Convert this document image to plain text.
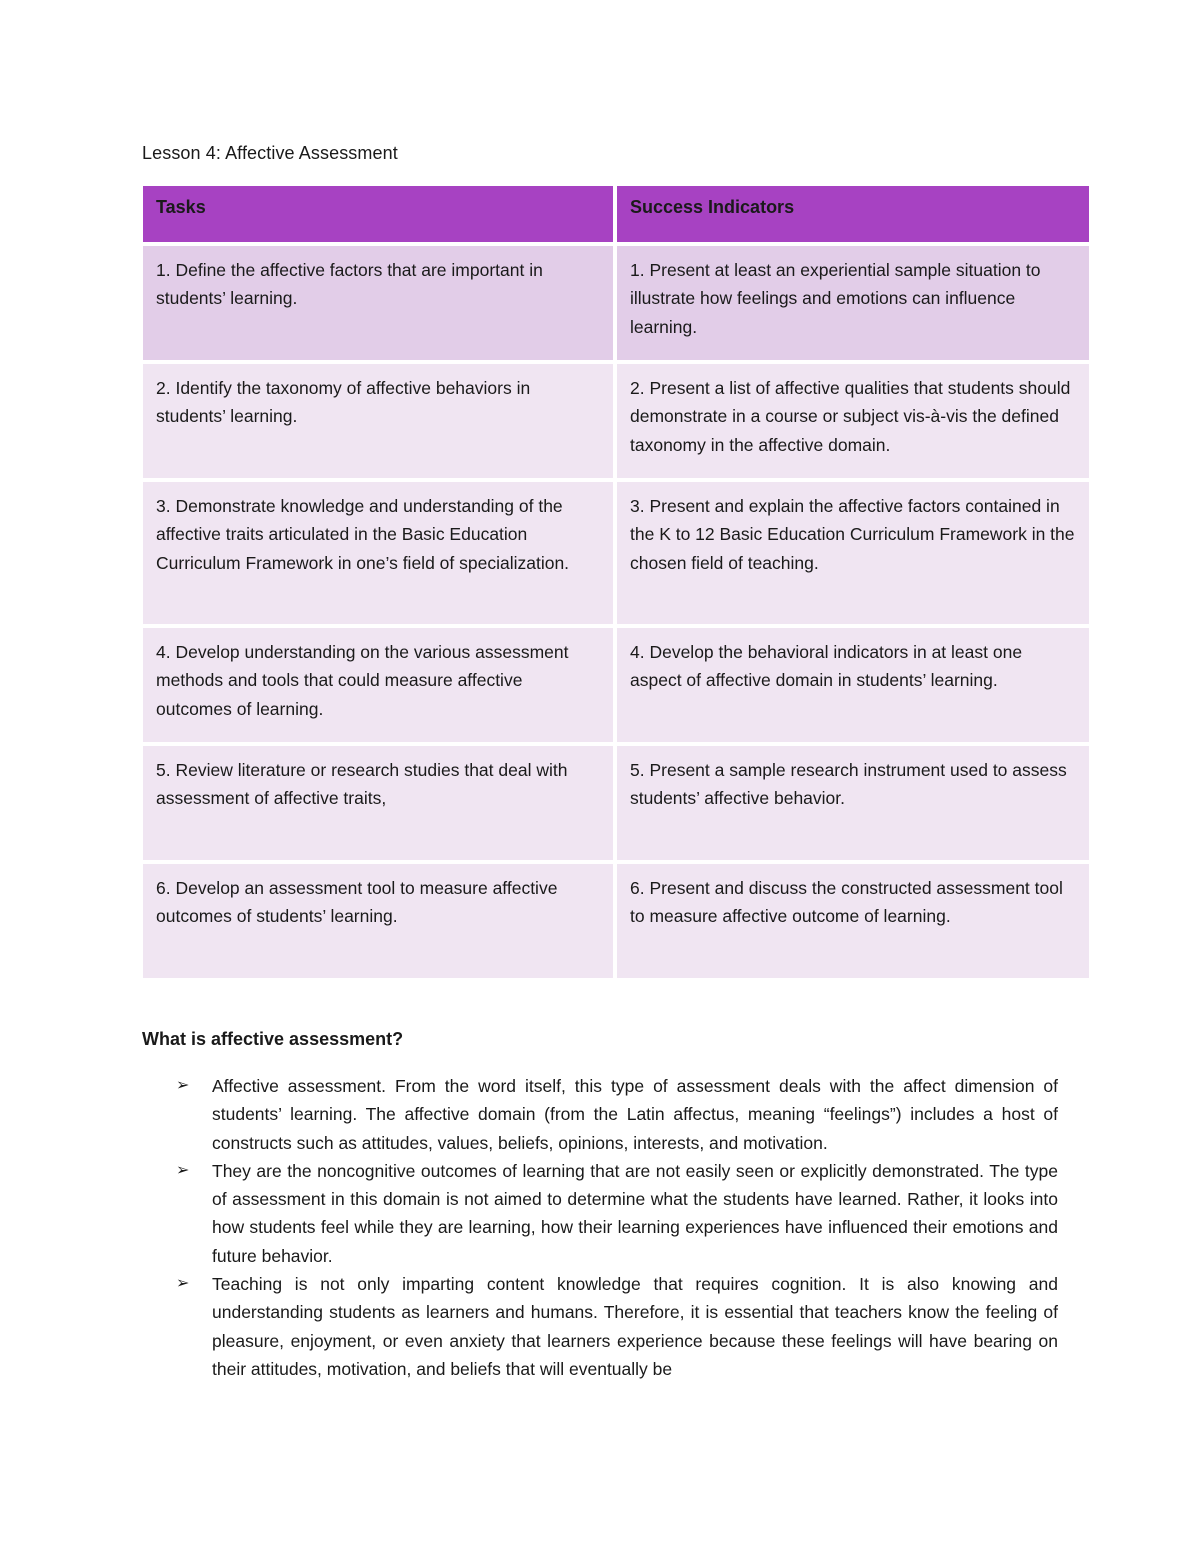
Lesson 4: Affective Assessment
Tasks	Success Indicators
1. Define the affective factors that are important in students’ learning.	1. Present at least an experiential sample situation to illustrate how feelings and emotions can influence learning.
2. Identify the taxonomy of affective behaviors in students’ learning.	2. Present a list of affective qualities that students should demonstrate in a course or subject vis-à-vis the defined taxonomy in the affective domain.
3. Demonstrate knowledge and understanding of the affective traits articulated in the Basic Education Curriculum Framework in one’s field of specialization.	3. Present and explain the affective factors contained in the K to 12 Basic Education Curriculum Framework in the chosen field of teaching.
4. Develop understanding on the various assessment methods and tools that could measure affective outcomes of learning.	4. Develop the behavioral indicators in at least one aspect of affective domain in students’ learning.
5. Review literature or research studies that deal with assessment of affective traits,	5. Present a sample research instrument used to assess students’ affective behavior.
6. Develop an assessment tool to measure affective outcomes of students’ learning.	6. Present and discuss the constructed assessment tool to measure affective outcome of learning.
What is affective assessment?
➢ Affective assessment. From the word itself, this type of assessment deals with the affect dimension of students’ learning. The affective domain (from the Latin affectus, meaning “feelings”) includes a host of constructs such as attitudes, values, beliefs, opinions, interests, and motivation.
➢ They are the noncognitive outcomes of learning that are not easily seen or explicitly demonstrated. The type of assessment in this domain is not aimed to determine what the students have learned. Rather, it looks into how students feel while they are learning, how their learning experiences have influenced their emotions and future behavior.
➢ Teaching is not only imparting content knowledge that requires cognition. It is also knowing and understanding students as learners and humans. Therefore, it is essential that teachers know the feeling of pleasure, enjoyment, or even anxiety that learners experience because these feelings will have bearing on their attitudes, motivation, and beliefs that will eventually be
